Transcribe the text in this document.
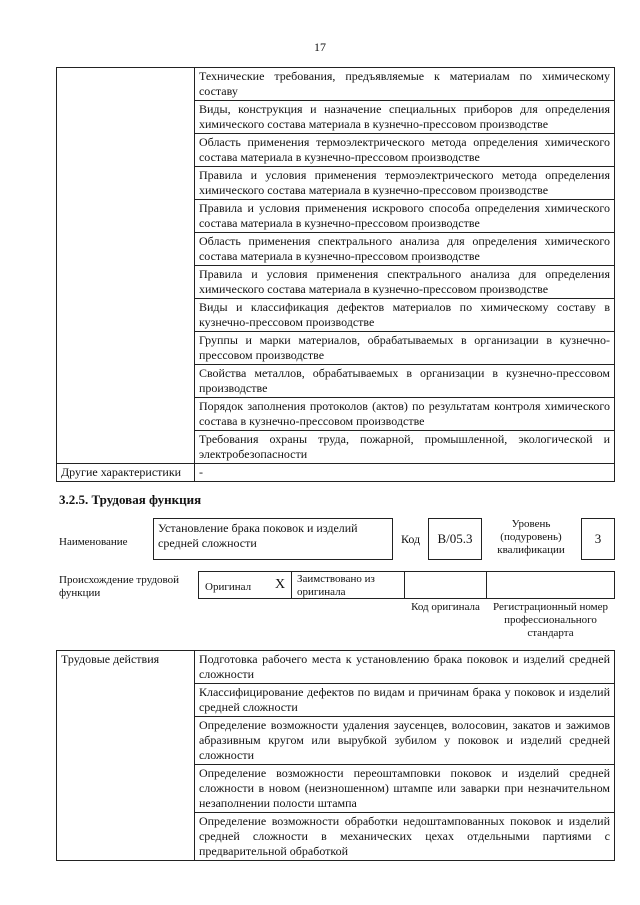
17
	Технические требования, предъявляемые к материалам по химическому составу
	Виды, конструкция и назначение специальных приборов для определения химического состава материала в кузнечно-прессовом производстве
	Область применения термоэлектрического метода определения химического состава материала в кузнечно-прессовом производстве
	Правила и условия применения термоэлектрического метода определения химического состава материала в кузнечно-прессовом производстве
	Правила и условия применения искрового способа определения химического состава материала в кузнечно-прессовом производстве
	Область применения спектрального анализа для определения химического состава материала в кузнечно-прессовом производстве
	Правила и условия применения спектрального анализа для определения химического состава материала в кузнечно-прессовом производстве
	Виды и классификация дефектов материалов по химическому составу в кузнечно-прессовом производстве
	Группы и марки материалов, обрабатываемых в организации в кузнечно-прессовом производстве
	Свойства металлов, обрабатываемых в организации в кузнечно-прессовом производстве
	Порядок заполнения протоколов (актов) по результатам контроля химического состава в кузнечно-прессовом производстве
	Требования охраны труда, пожарной, промышленной, экологической и электробезопасности
Другие характеристики	-
3.2.5. Трудовая функция
Наименование
Установление брака поковок и изделий средней сложности	Код B/05.3
Уровень (подуровень) квалификации
3
Происхождение трудовой функции	Оригинал X Заимствовано из оригинала
Код оригинала	Регистрационный номер профессионального стандарта
Трудовые действия	Подготовка рабочего места к установлению брака поковок и изделий средней сложности
Классифицирование дефектов по видам и причинам брака у поковок и изделий средней сложности
Определение возможности удаления заусенцев, волосовин, закатов и зажимов абразивным кругом или вырубкой зубилом у поковок и изделий средней сложности
Определение возможности переоштамповки поковок и изделий средней сложности в новом (неизношенном) штампе или заварки при незначительном незаполнении полости штампа
Определение возможности обработки недоштампованных поковок и изделий средней сложности в механических цехах отдельными партиями с предварительной обработкой
